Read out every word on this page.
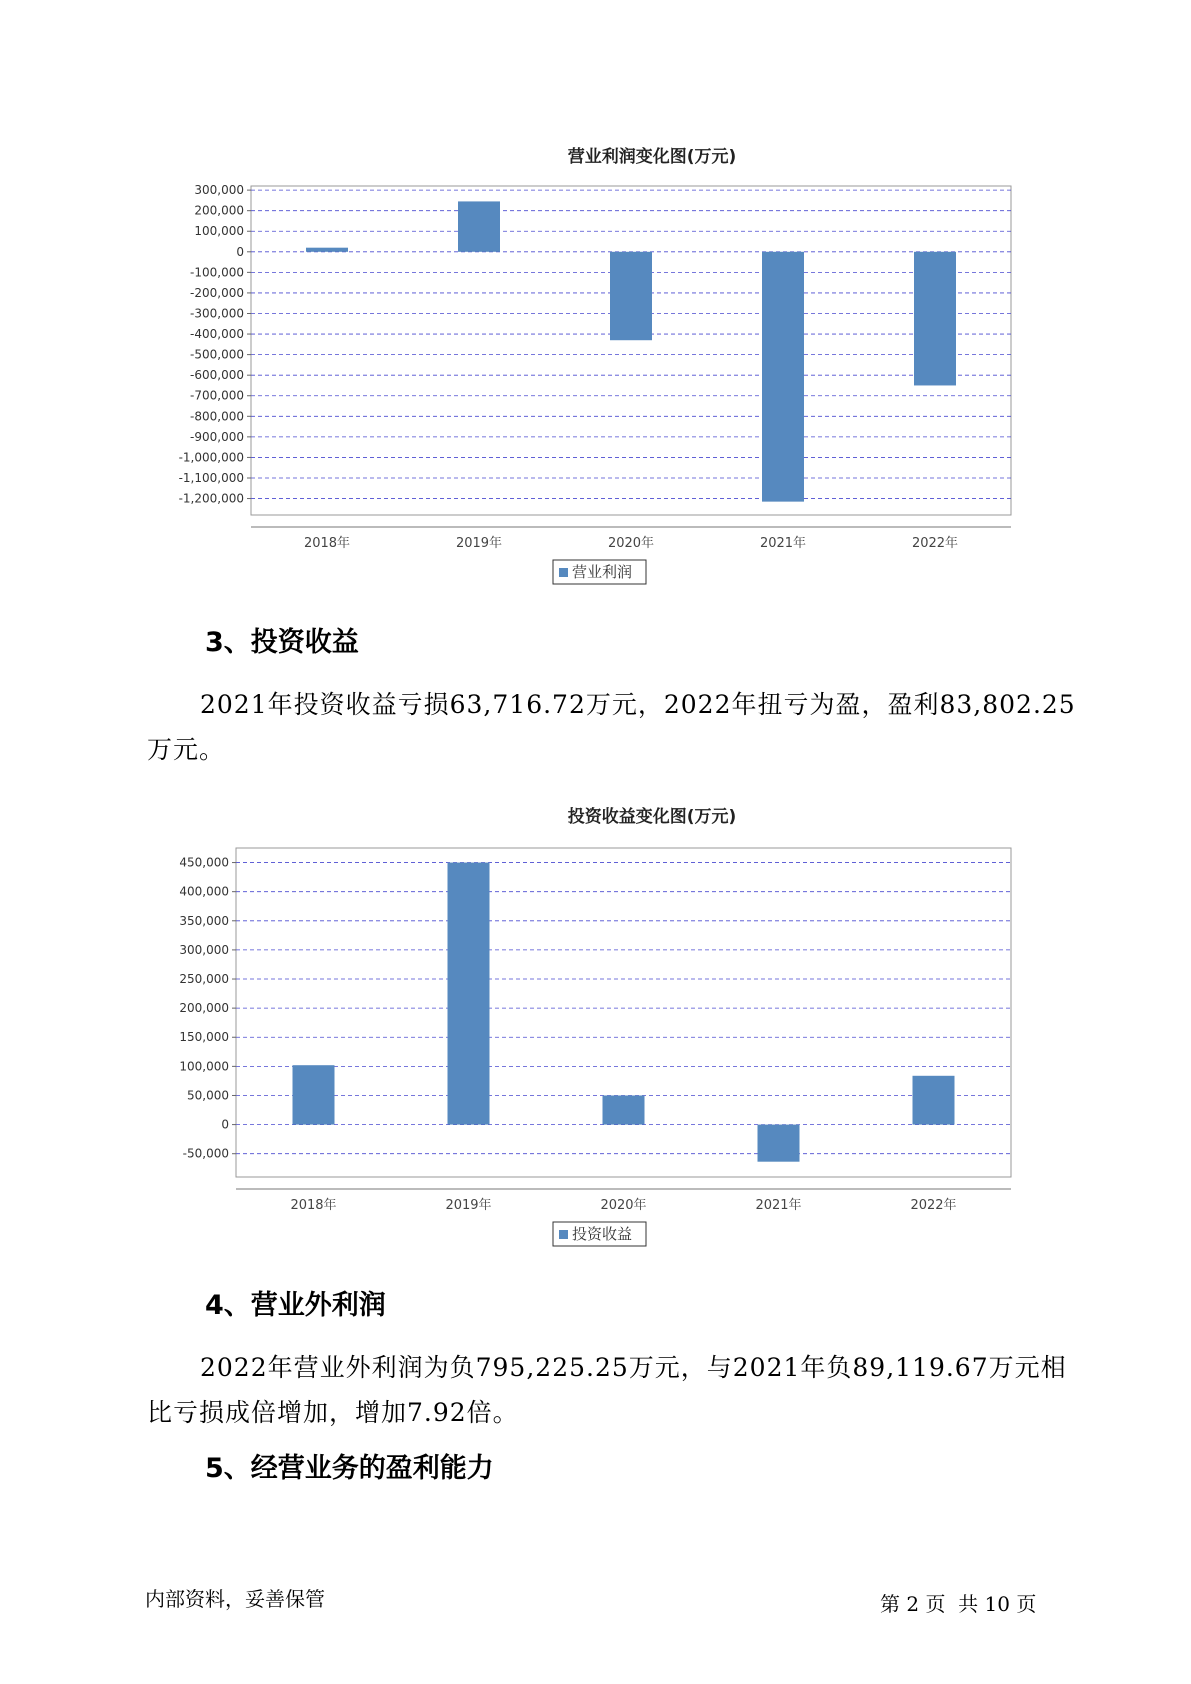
营业利润变化图(万元)
300,000
200,000
100,000
0
-100,000
-200,000
-300,000
-400,000
-500,000
-600,000
-700,000
-800,000
-900,000
-1,000,000
-1,100,000
-1,200,000
2018年	2019年	2020年	2021年	2022年
营业利润
3、投资收益
2021年投资收益亏损63,716.72万元，2022年扭亏为盈，盈利83,802.25万元。
投资收益变化图(万元)
450,000
400,000
350,000
300,000
250,000
200,000
150,000
100,000
50,000
0
-50,000
2018年	2019年	2020年	2021年	2022年
投资收益
4、营业外利润
2022年营业外利润为负795,225.25万元，与2021年负89,119.67万元相比亏损成倍增加，增加7.92倍。
5、经营业务的盈利能力
内部资料，妥善保管	第 2 页  共 10 页
